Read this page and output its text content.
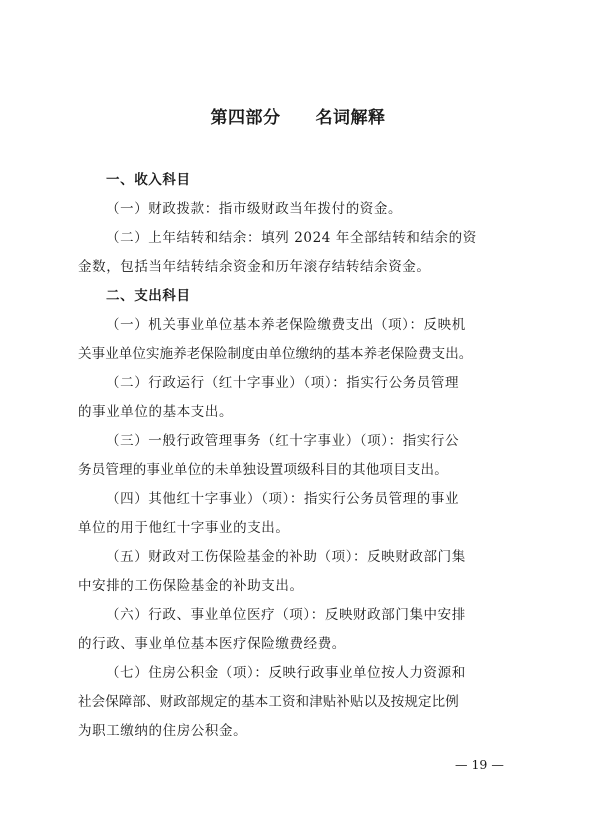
第四部分　　名词解释
一、收入科目
（一）财政拨款：指市级财政当年拨付的资金。
（二）上年结转和结余：填列 2024 年全部结转和结余的资
金数，包括当年结转结余资金和历年滚存结转结余资金。
二、支出科目
（一）机关事业单位基本养老保险缴费支出（项）：反映机
关事业单位实施养老保险制度由单位缴纳的基本养老保险费支出。
（二）行政运行（红十字事业）（项）：指实行公务员管理
的事业单位的基本支出。
（三）一般行政管理事务（红十字事业）（项）：指实行公
务员管理的事业单位的未单独设置项级科目的其他项目支出。
（四）其他红十字事业）（项）：指实行公务员管理的事业
单位的用于他红十字事业的支出。
（五）财政对工伤保险基金的补助（项）：反映财政部门集
中安排的工伤保险基金的补助支出。
（六）行政、事业单位医疗（项）：反映财政部门集中安排
的行政、事业单位基本医疗保险缴费经费。
（七）住房公积金（项）：反映行政事业单位按人力资源和
社会保障部、财政部规定的基本工资和津贴补贴以及按规定比例
为职工缴纳的住房公积金。
— 19 —
